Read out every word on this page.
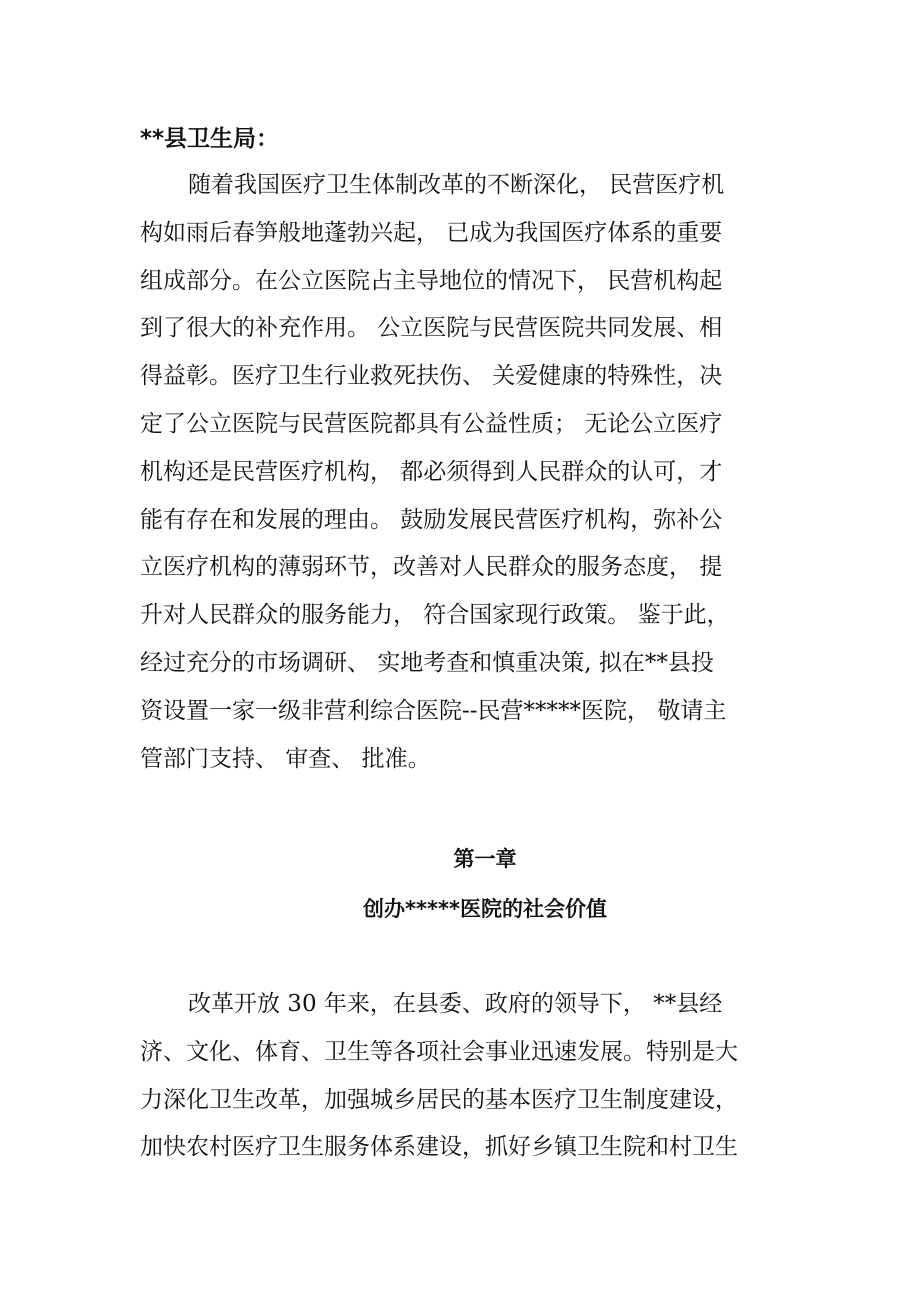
**县卫生局：

随着我国医疗卫生体制改革的不断深化， 民营医疗机
构如雨后春笋般地蓬勃兴起， 已成为我国医疗体系的重要
组成部分。在公立医院占主导地位的情况下， 民营机构起
到了很大的补充作用。 公立医院与民营医院共同发展、相
得益彰。医疗卫生行业救死扶伤、 关爱健康的特殊性，决
定了公立医院与民营医院都具有公益性质； 无论公立医疗
机构还是民营医疗机构， 都必须得到人民群众的认可，才
能有存在和发展的理由。 鼓励发展民营医疗机构，弥补公
立医疗机构的薄弱环节，改善对人民群众的服务态度， 提
升对人民群众的服务能力， 符合国家现行政策。 鉴于此，
经过充分的市场调研、 实地考查和慎重决策, 拟在**县投
资设置一家一级非营利综合医院--民营*****医院， 敬请主
管部门支持、 审查、 批准。
第一章
创办*****医院的社会价值
改革开放 30 年来，在县委、政府的领导下， **县经
济、文化、体育、卫生等各项社会事业迅速发展。特别是大
力深化卫生改革，加强城乡居民的基本医疗卫生制度建设，
加快农村医疗卫生服务体系建设，抓好乡镇卫生院和村卫生
